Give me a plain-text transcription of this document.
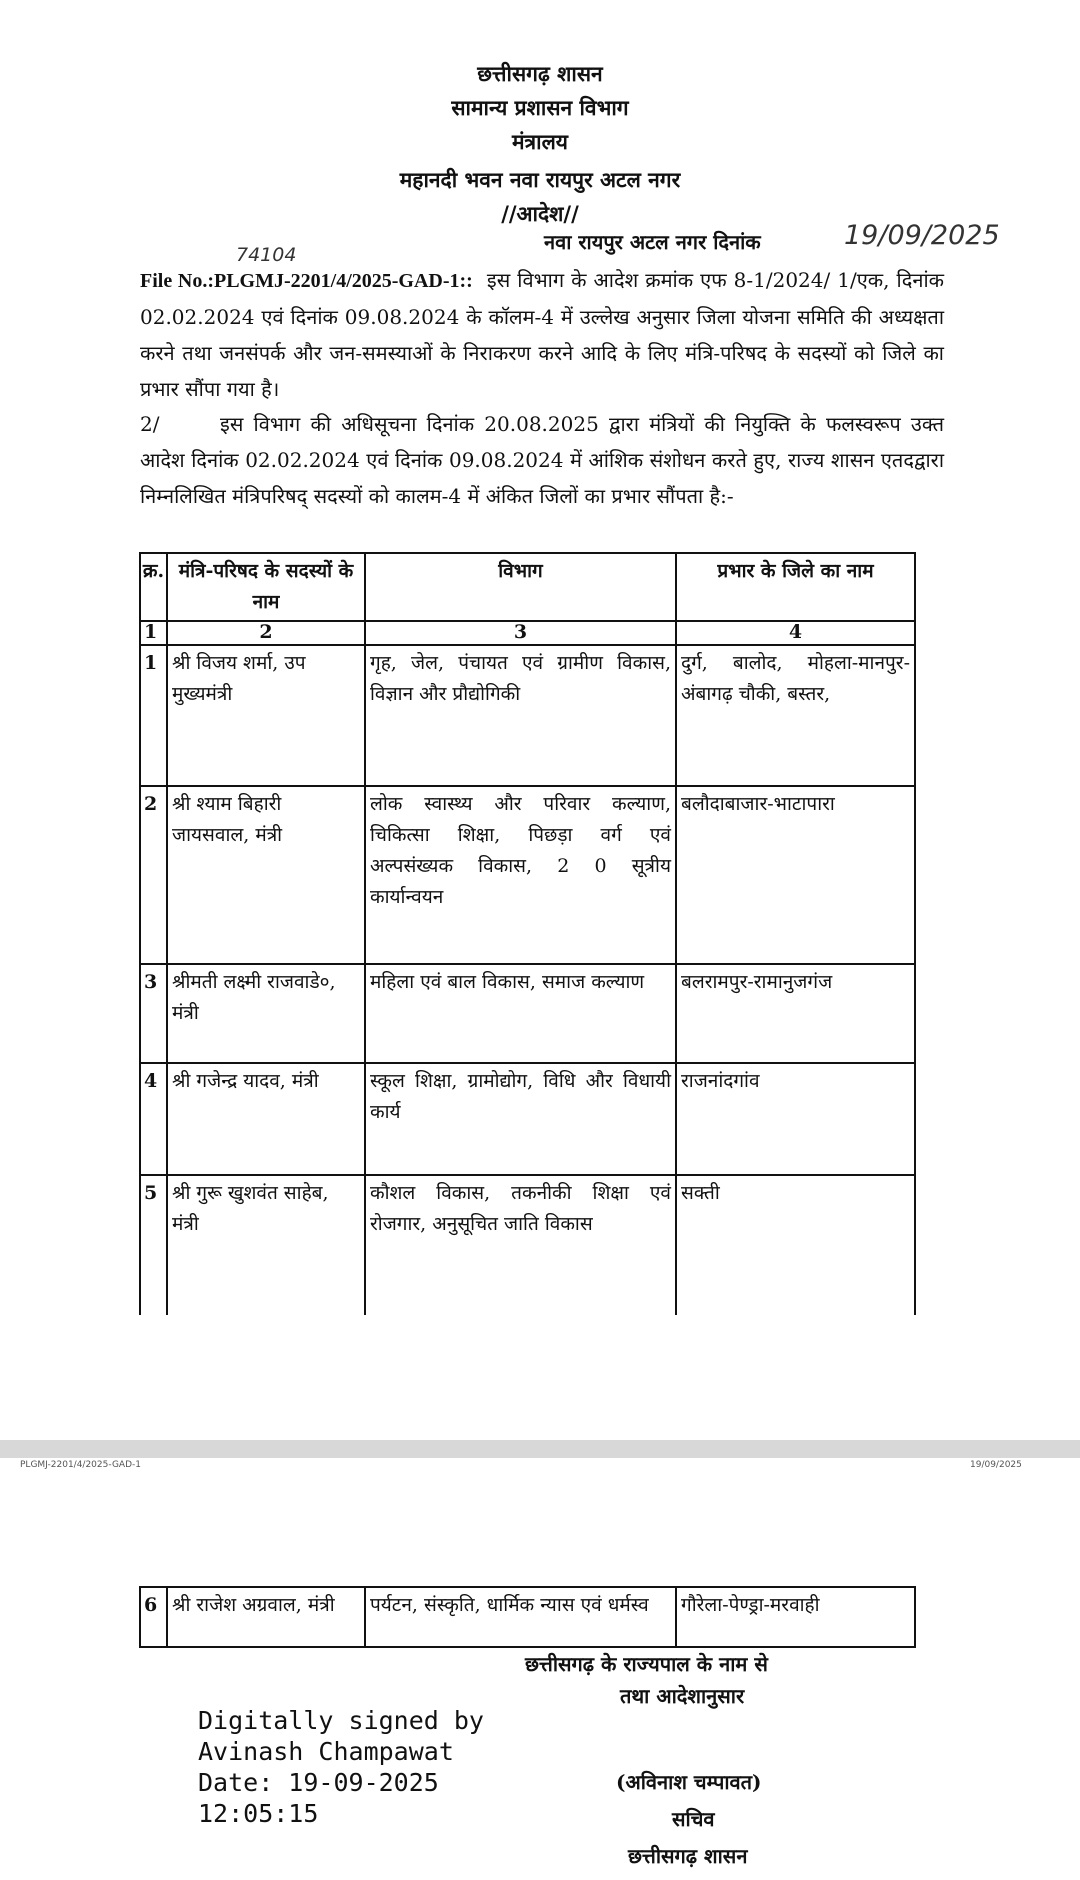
छत्तीसगढ़ शासन
सामान्य प्रशासन विभाग
मंत्रालय
महानदी भवन नवा रायपुर अटल नगर
//आदेश//
नवा रायपुर अटल नगर दिनांक	19/09/2025
74104
File No.:PLGMJ-2201/4/2025-GAD-1:: इस विभाग के आदेश क्रमांक एफ 8-1/2024/ 1/एक, दिनांक 02.02.2024 एवं दिनांक 09.08.2024 के कॉलम-4 में उल्लेख अनुसार जिला योजना समिति की अध्यक्षता करने तथा जनसंपर्क और जन-समस्याओं के निराकरण करने आदि के लिए मंत्रि-परिषद के सदस्यों को जिले का प्रभार सौंपा गया है।
2/	इस विभाग की अधिसूचना दिनांक 20.08.2025 द्वारा मंत्रियों की नियुक्ति के फलस्वरूप उक्त आदेश दिनांक 02.02.2024 एवं दिनांक 09.08.2024 में आंशिक संशोधन करते हुए, राज्य शासन एतदद्वारा निम्नलिखित मंत्रिपरिषद् सदस्यों को कालम-4 में अंकित जिलों का प्रभार सौंपता है:-
क्र.	मंत्रि-परिषद के सदस्यों के नाम	विभाग	प्रभार के जिले का नाम
1	2	3	4
1	श्री विजय शर्मा, उप मुख्यमंत्री	गृह, जेल, पंचायत एवं ग्रामीण विकास, विज्ञान और प्रौद्योगिकी	दुर्ग, बालोद, मोहला-मानपुर-अंबागढ़ चौकी, बस्तर,
2	श्री श्याम बिहारी जायसवाल, मंत्री	लोक स्वास्थ्य और परिवार कल्याण, चिकित्सा शिक्षा, पिछड़ा वर्ग एवं अल्पसंख्यक विकास, 2 0 सूत्रीय कार्यान्वयन	बलौदाबाजार-भाटापारा
3	श्रीमती लक्ष्मी राजवाडे०, मंत्री	महिला एवं बाल विकास, समाज कल्याण	बलरामपुर-रामानुजगंज
4	श्री गजेन्द्र यादव, मंत्री	स्कूल शिक्षा, ग्रामोद्योग, विधि और विधायी कार्य	राजनांदगांव
5	श्री गुरू खुशवंत साहेब, मंत्री	कौशल विकास, तकनीकी शिक्षा एवं रोजगार, अनुसूचित जाति विकास	सक्ती
PLGMJ-2201/4/2025-GAD-1	19/09/2025
6	श्री राजेश अग्रवाल, मंत्री	पर्यटन, संस्कृति, धार्मिक न्यास एवं धर्मस्व	गौरेला-पेण्ड्रा-मरवाही
छत्तीसगढ़ के राज्यपाल के नाम से
तथा आदेशानुसार
(अविनाश चम्पावत)
सचिव
छत्तीसगढ़ शासन
Digitally signed by
Avinash Champawat
Date: 19-09-2025
12:05:15
